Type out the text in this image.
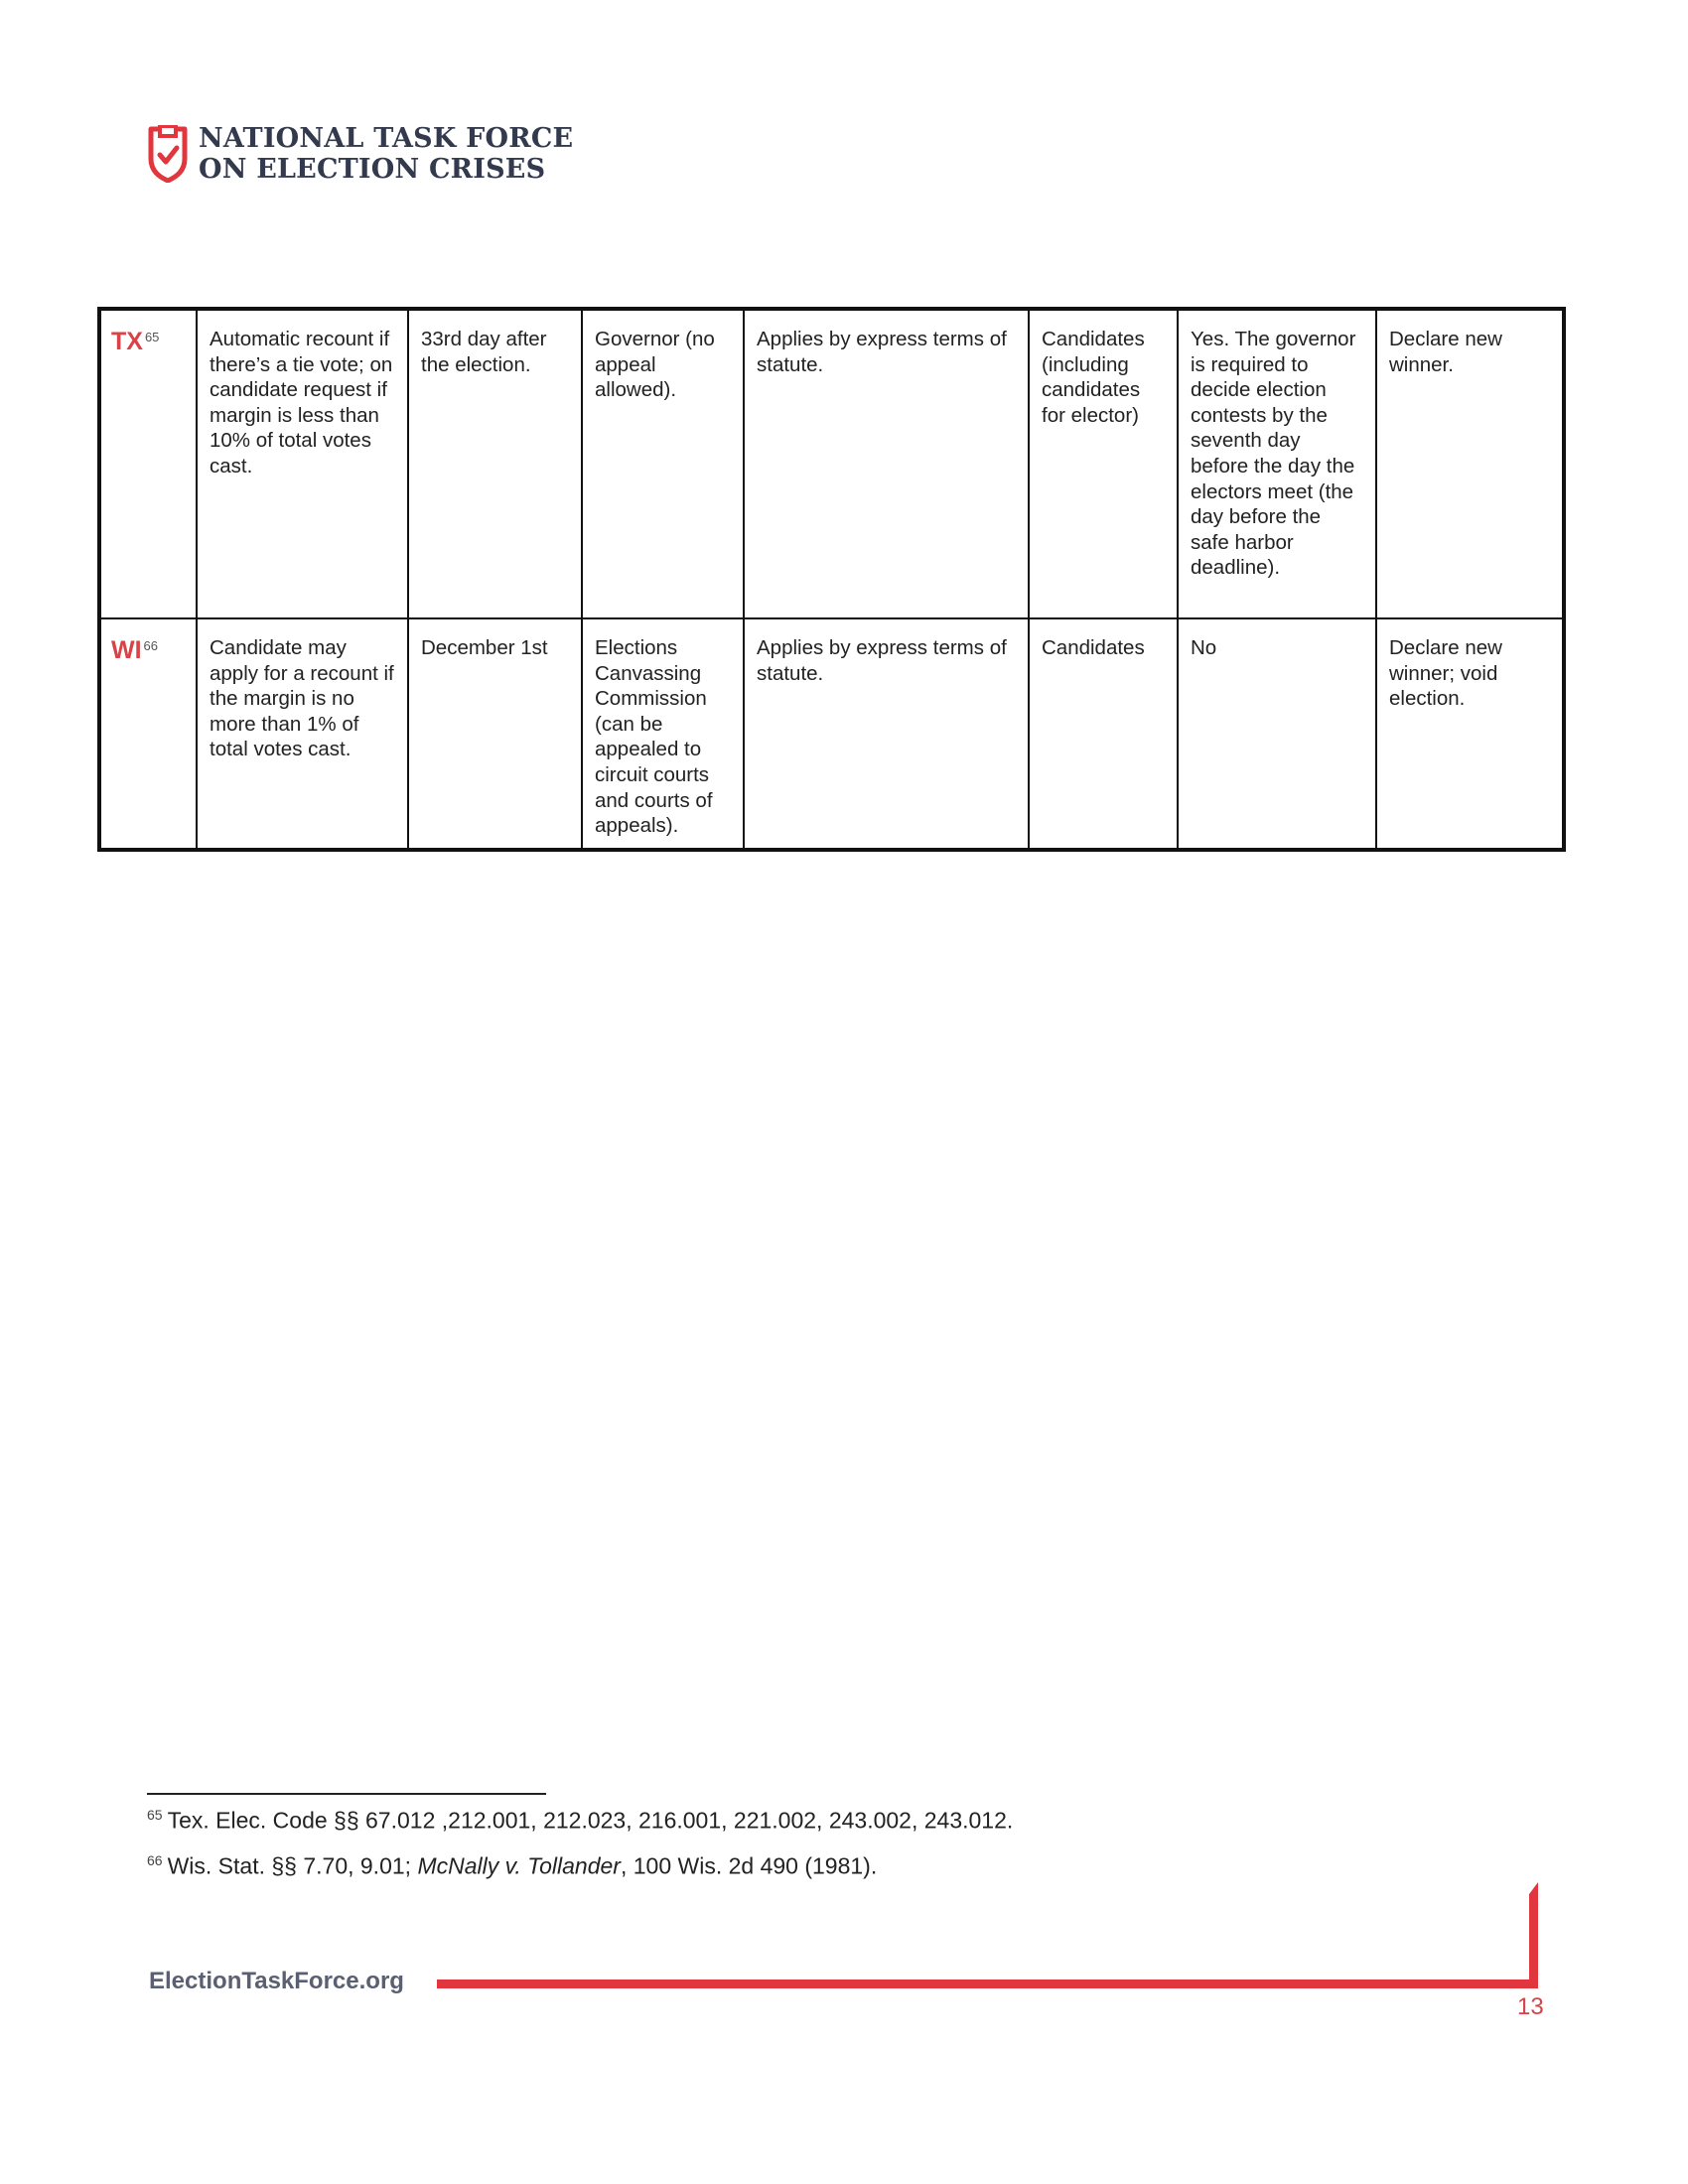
NATIONAL TASK FORCE
ON ELECTION CRISES
TX $^{65}$	Automatic recount if there’s a tie vote; on candidate request if margin is less than 10% of total votes cast.	33rd day after the election.	Governor (no appeal allowed).	Applies by express terms of statute.	Candidates (including candidates for elector)	Yes. The governor is required to decide election contests by the seventh day before the day the electors meet (the day before the safe harbor deadline).	Declare new winner.
WI $^{66}$	Candidate may apply for a recount if the margin is no more than 1% of total votes cast.	December 1st	Elections Canvassing Commission (can be appealed to circuit courts and courts of appeals).	Applies by express terms of statute.	Candidates	No	Declare new winner; void election.
$^{65}$ Tex. Elec. Code §§ 67.012 ,212.001, 212.023, 216.001, 221.002, 243.002, 243.012.
$^{66}$ Wis. Stat. §§ 7.70, 9.01; McNally v. Tollander, 100 Wis. 2d 490 (1981).
ElectionTaskForce.org
13
